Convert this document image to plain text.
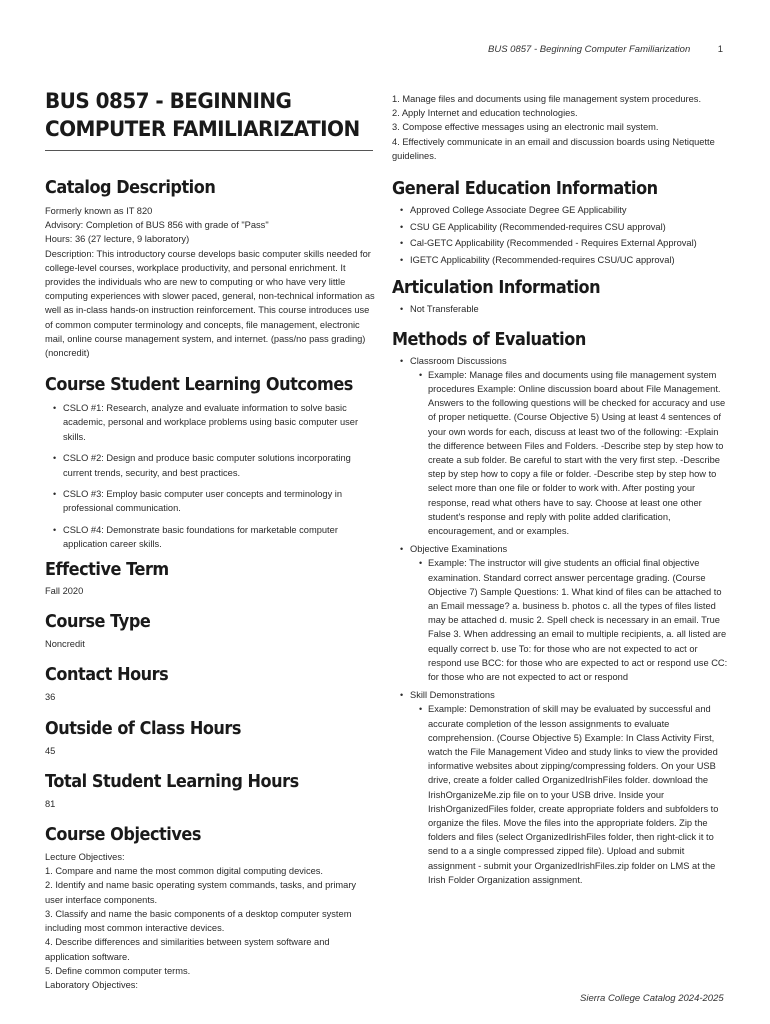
BUS 0857 - Beginning Computer Familiarization	1
BUS 0857 - BEGINNING COMPUTER FAMILIARIZATION
Catalog Description

Formerly known as IT 820

Advisory: Completion of BUS 856 with grade of "Pass"

Hours: 36 (27 lecture, 9 laboratory)

Description: This introductory course develops basic computer skills needed for college-level courses, workplace productivity, and personal enrichment. It provides the individuals who are new to computing or who have very little computing experiences with slower paced, general, non-technical information as well as in-class hands-on instruction reinforcement. This course introduces use of common computer terminology and concepts, file management, electronic mail, online course management system, and internet. (pass/no pass grading) (noncredit)

Course Student Learning Outcomes
• CSLO #1: Research, analyze and evaluate information to solve basic academic, personal and workplace problems using basic computer user skills.
• CSLO #2: Design and produce basic computer solutions incorporating current trends, security, and best practices.
• CSLO #3: Employ basic computer user concepts and terminology in professional communication.
• CSLO #4: Demonstrate basic foundations for marketable computer application career skills.
Effective Term

Fall 2020

Course Type

Noncredit

Contact Hours

36

Outside of Class Hours

45

Total Student Learning Hours

81

Course Objectives

Lecture Objectives:

1. Compare and name the most common digital computing devices.

2. Identify and name basic operating system commands, tasks, and primary user interface components.

3. Classify and name the basic components of a desktop computer system including most common interactive devices.

4. Describe differences and similarities between system software and application software.

5. Define common computer terms.

Laboratory Objectives:

1. Manage files and documents using file management system procedures.

2. Apply Internet and education technologies.

3. Compose effective messages using an electronic mail system.

4. Effectively communicate in an email and discussion boards using Netiquette guidelines.

General Education Information
• Approved College Associate Degree GE Applicability
• CSU GE Applicability (Recommended-requires CSU approval)
• Cal-GETC Applicability (Recommended - Requires External Approval)
• IGETC Applicability (Recommended-requires CSU/UC approval)
Articulation Information
• Not Transferable
Methods of Evaluation
• Classroom Discussions
• Example: Manage files and documents using file management system procedures Example: Online discussion board about File Management. Answers to the following questions will be checked for accuracy and use of proper netiquette. (Course Objective 5) Using at least 4 sentences of your own words for each, discuss at least two of the following: -Explain the difference between Files and Folders. -Describe step by step how to create a sub folder. Be careful to start with the very first step. -Describe step by step how to copy a file or folder. -Describe step by step how to select more than one file or folder to work with. After posting your response, read what others have to say. Choose at least one other student's response and reply with polite added clarification, encouragement, and or examples.
• Objective Examinations
• Example: The instructor will give students an official final objective examination. Standard correct answer percentage grading. (Course Objective 7) Sample Questions: 1. What kind of files can be attached to an Email message? a. business b. photos c. all the types of files listed may be attached d. music 2. Spell check is necessary in an email. True False 3. When addressing an email to multiple recipients, a. all listed are equally correct b. use To: for those who are not expected to act or respond use BCC: for those who are expected to act or respond use CC: for those who are not expected to act or respond
• Skill Demonstrations
• Example: Demonstration of skill may be evaluated by successful and accurate completion of the lesson assignments to evaluate comprehension. (Course Objective 5) Example: In Class Activity First, watch the File Management Video and study links to view the provided informative websites about zipping/compressing folders. On your USB drive, create a folder called OrganizedIrishFiles folder. download the IrishOrganizeMe.zip file on to your USB drive. Inside your IrishOrganizedFiles folder, create appropriate folders and subfolders to organize the files. Move the files into the appropriate folders. Zip the folders and files (select OrganizedIrishFiles folder, then right-click it to send to a a single compressed zipped file). Upload and submit assignment - submit your OrganizedIrishFiles.zip folder on LMS at the Irish Folder Organization assignment.
Sierra College Catalog 2024-2025
